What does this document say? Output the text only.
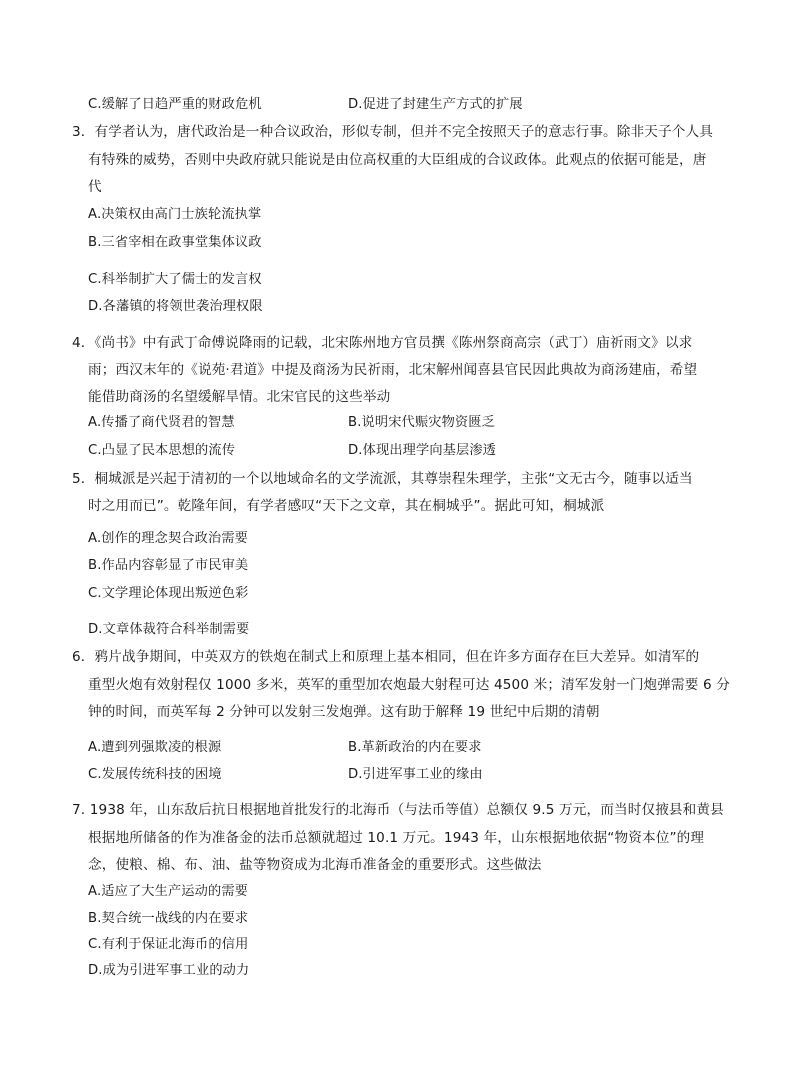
C.缓解了日趋严重的财政危机	D.促进了封建生产方式的扩展
3．有学者认为，唐代政治是一种合议政治，形似专制，但并不完全按照天子的意志行事。除非天子个人具
有特殊的威势，否则中央政府就只能说是由位高权重的大臣组成的合议政体。此观点的依据可能是，唐
代
A.决策权由高门士族轮流执掌
B.三省宰相在政事堂集体议政
C.科举制扩大了儒士的发言权
D.各藩镇的将领世袭治理权限
4．《尚书》中有武丁命傅说降雨的记载，北宋陈州地方官员撰《陈州祭商高宗（武丁）庙祈雨文》以求
雨；西汉末年的《说苑·君道》中提及商汤为民祈雨，北宋解州闻喜县官民因此典故为商汤建庙，希望
能借助商汤的名望缓解旱情。北宋官民的这些举动
A.传播了商代贤君的智慧	B.说明宋代赈灾物资匮乏
C.凸显了民本思想的流传	D.体现出理学向基层渗透
5．桐城派是兴起于清初的一个以地域命名的文学流派，其尊崇程朱理学，主张“文无古今，随事以适当
时之用而已”。乾隆年间，有学者感叹“天下之文章，其在桐城乎”。据此可知，桐城派
A.创作的理念契合政治需要
B.作品内容彰显了市民审美
C.文学理论体现出叛逆色彩
D.文章体裁符合科举制需要
6．鸦片战争期间，中英双方的铁炮在制式上和原理上基本相同，但在许多方面存在巨大差异。如清军的
重型火炮有效射程仅 1000 多米，英军的重型加农炮最大射程可达 4500 米；清军发射一门炮弹需要 6 分
钟的时间，而英军每 2 分钟可以发射三发炮弹。这有助于解释 19 世纪中后期的清朝
A.遭到列强欺凌的根源	B.革新政治的内在要求
C.发展传统科技的困境	D.引进军事工业的缘由
7. 1938 年，山东敌后抗日根据地首批发行的北海币（与法币等值）总额仅 9.5 万元，而当时仅掖县和黄县
根据地所储备的作为准备金的法币总额就超过 10.1 万元。1943 年，山东根据地依据“物资本位”的理
念，使粮、棉、布、油、盐等物资成为北海币准备金的重要形式。这些做法
A.适应了大生产运动的需要
B.契合统一战线的内在要求
C.有利于保证北海币的信用
D.成为引进军事工业的动力
